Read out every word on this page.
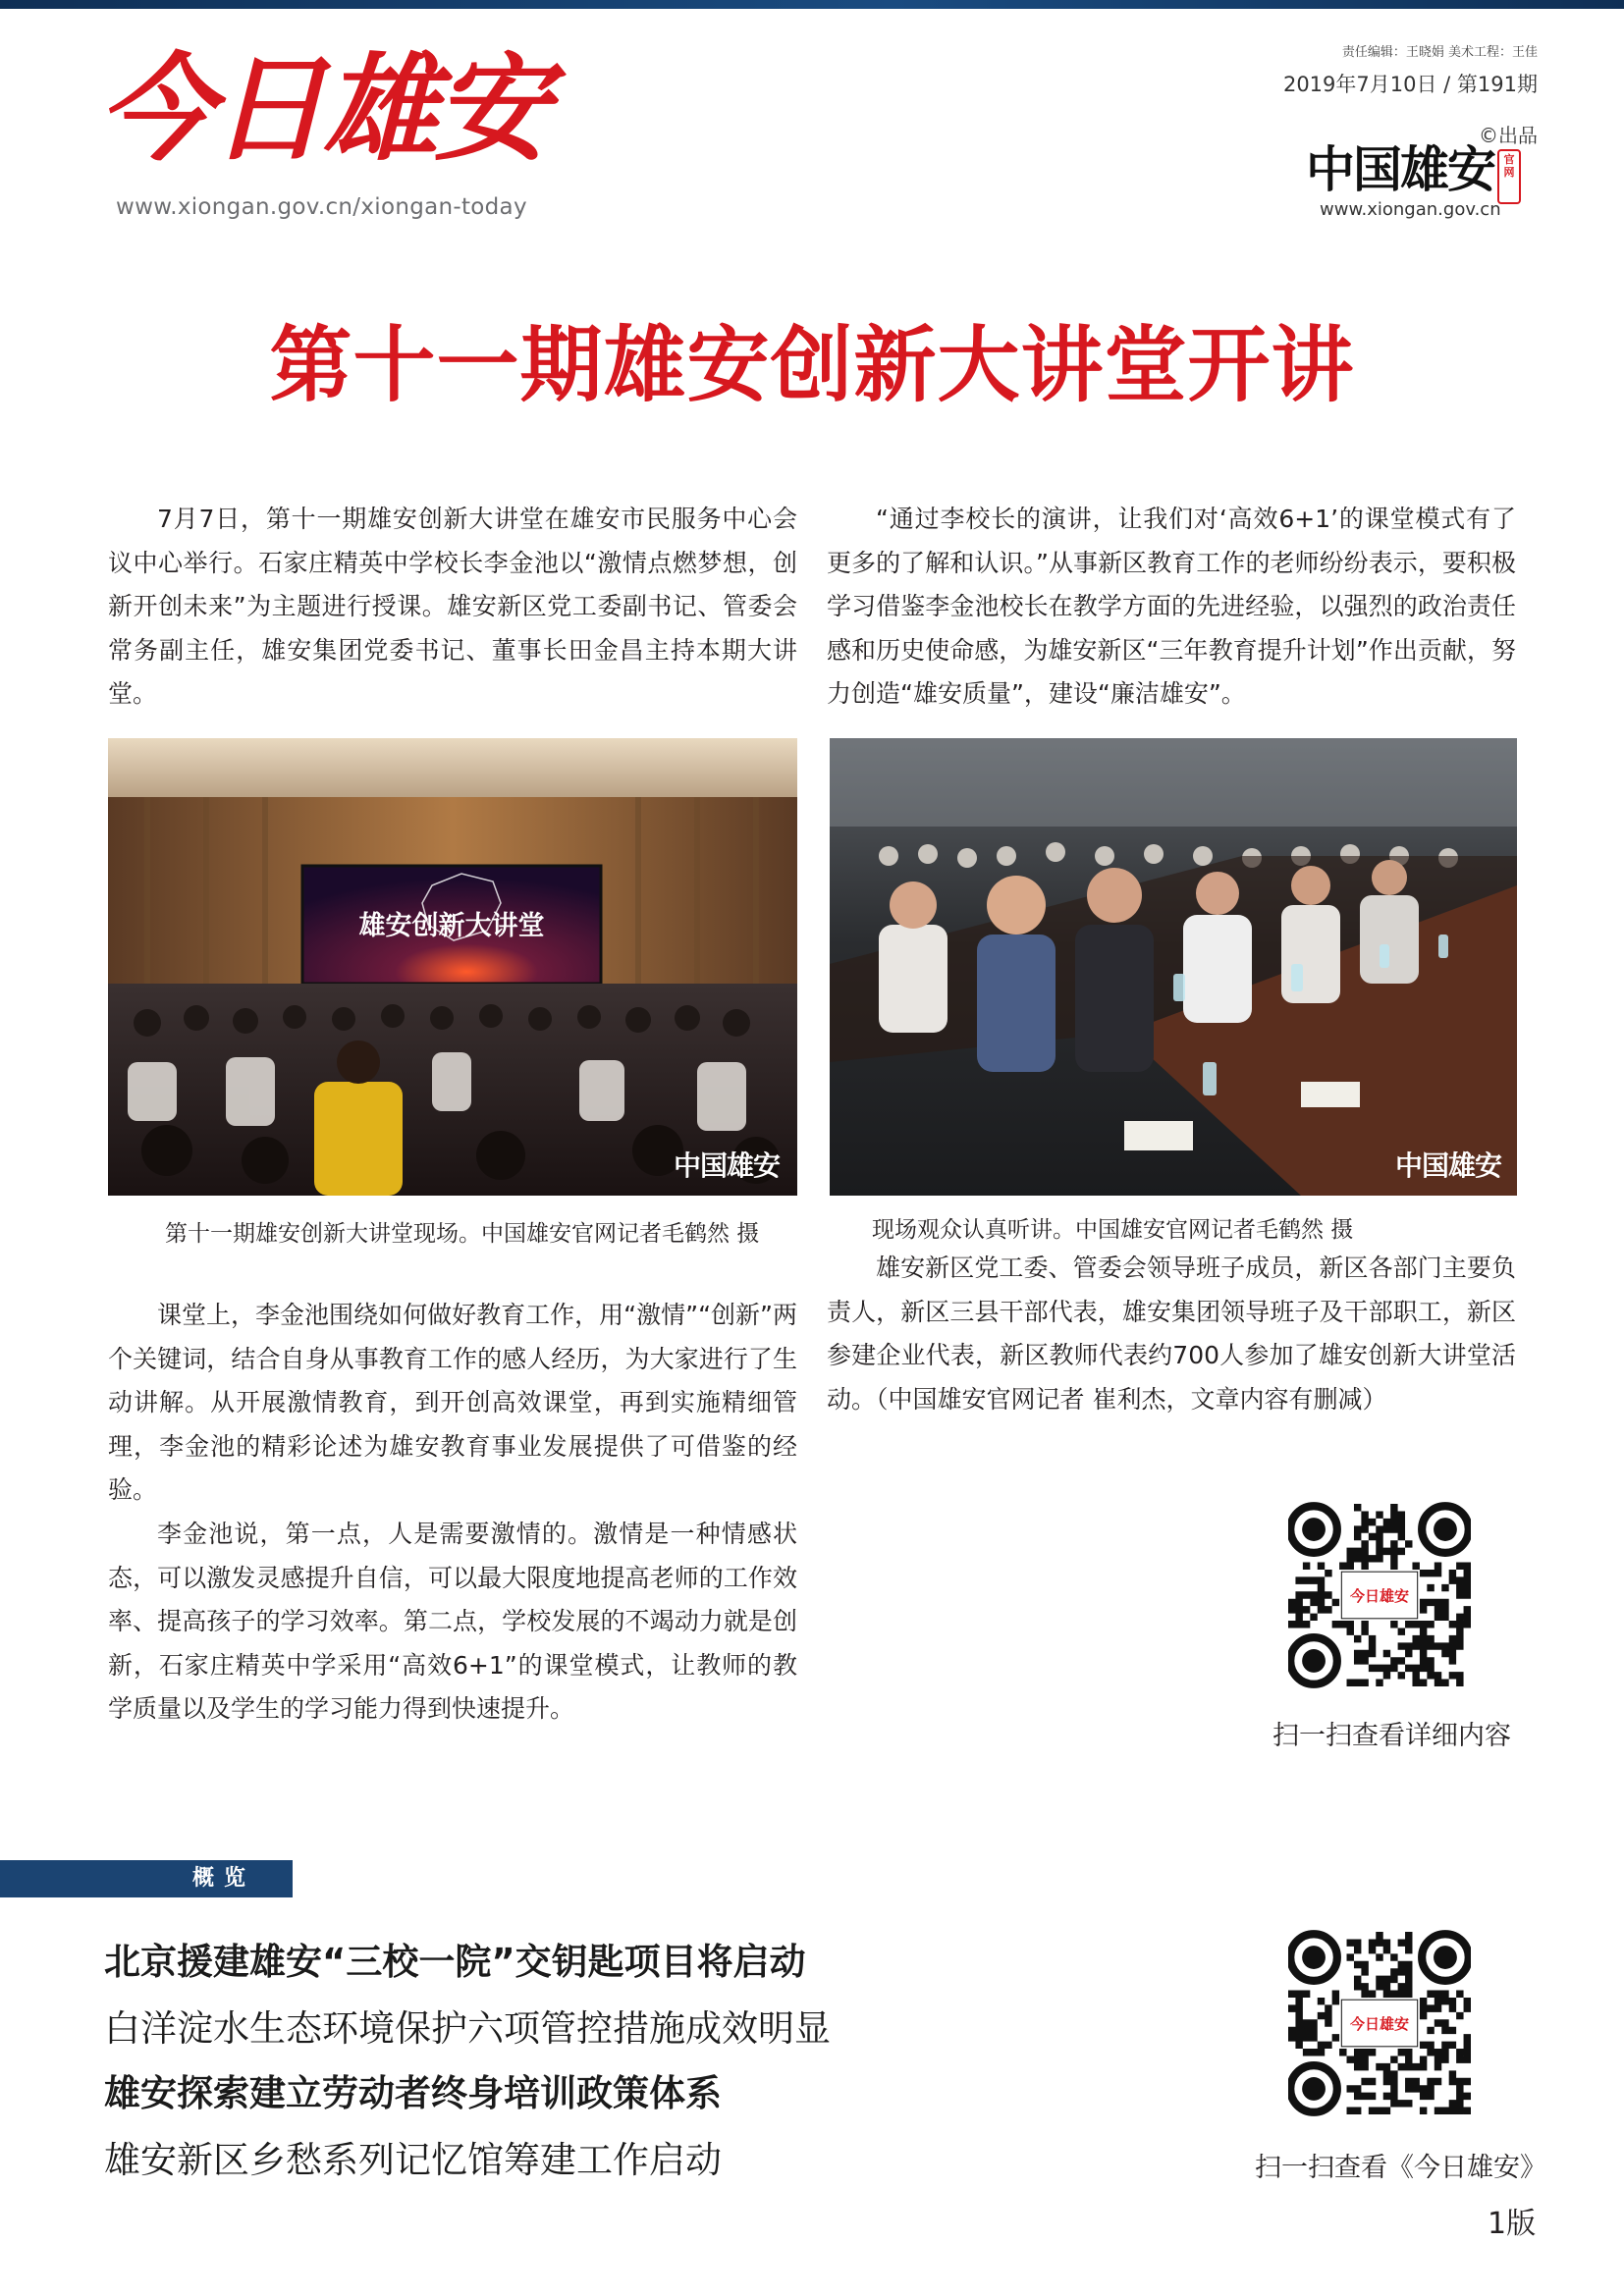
今日雄安
www.xiongan.gov.cn/xiongan-today
责任编辑：王晓娟 美术工程：王佳
2019年7月10日 / 第191期
©出品
中国雄安 官网
www.xiongan.gov.cn
第十一期雄安创新大讲堂开讲

7月7日，第十一期雄安创新大讲堂在雄安市民服务中心会议中心举行。石家庄精英中学校长李金池以“激情点燃梦想，创新开创未来”为主题进行授课。雄安新区党工委副书记、管委会常务副主任，雄安集团党委书记、董事长田金昌主持本期大讲堂。

“通过李校长的演讲，让我们对‘高效6+1’的课堂模式有了更多的了解和认识。”从事新区教育工作的老师纷纷表示，要积极学习借鉴李金池校长在教学方面的先进经验，以强烈的政治责任感和历史使命感，为雄安新区“三年教育提升计划”作出贡献，努力创造“雄安质量”，建设“廉洁雄安”。

雄安创新大讲堂
中国雄安	中国雄安
第十一期雄安创新大讲堂现场。中国雄安官网记者毛鹤然 摄	现场观众认真听讲。中国雄安官网记者毛鹤然 摄

课堂上，李金池围绕如何做好教育工作，用“激情”“创新”两个关键词，结合自身从事教育工作的感人经历，为大家进行了生动讲解。从开展激情教育，到开创高效课堂，再到实施精细管理，李金池的精彩论述为雄安教育事业发展提供了可借鉴的经验。

李金池说，第一点，人是需要激情的。激情是一种情感状态，可以激发灵感提升自信，可以最大限度地提高老师的工作效率、提高孩子的学习效率。第二点，学校发展的不竭动力就是创新，石家庄精英中学采用“高效6+1”的课堂模式，让教师的教学质量以及学生的学习能力得到快速提升。

雄安新区党工委、管委会领导班子成员，新区各部门主要负责人，新区三县干部代表，雄安集团领导班子及干部职工，新区参建企业代表，新区教师代表约700人参加了雄安创新大讲堂活动。（中国雄安官网记者 崔利杰，文章内容有删减）

今日雄安
扫一扫查看详细内容
今日雄安
扫一扫查看《今日雄安》
概览
北京援建雄安“三校一院”交钥匙项目将启动
白洋淀水生态环境保护六项管控措施成效明显
雄安探索建立劳动者终身培训政策体系
雄安新区乡愁系列记忆馆筹建工作启动
1版
